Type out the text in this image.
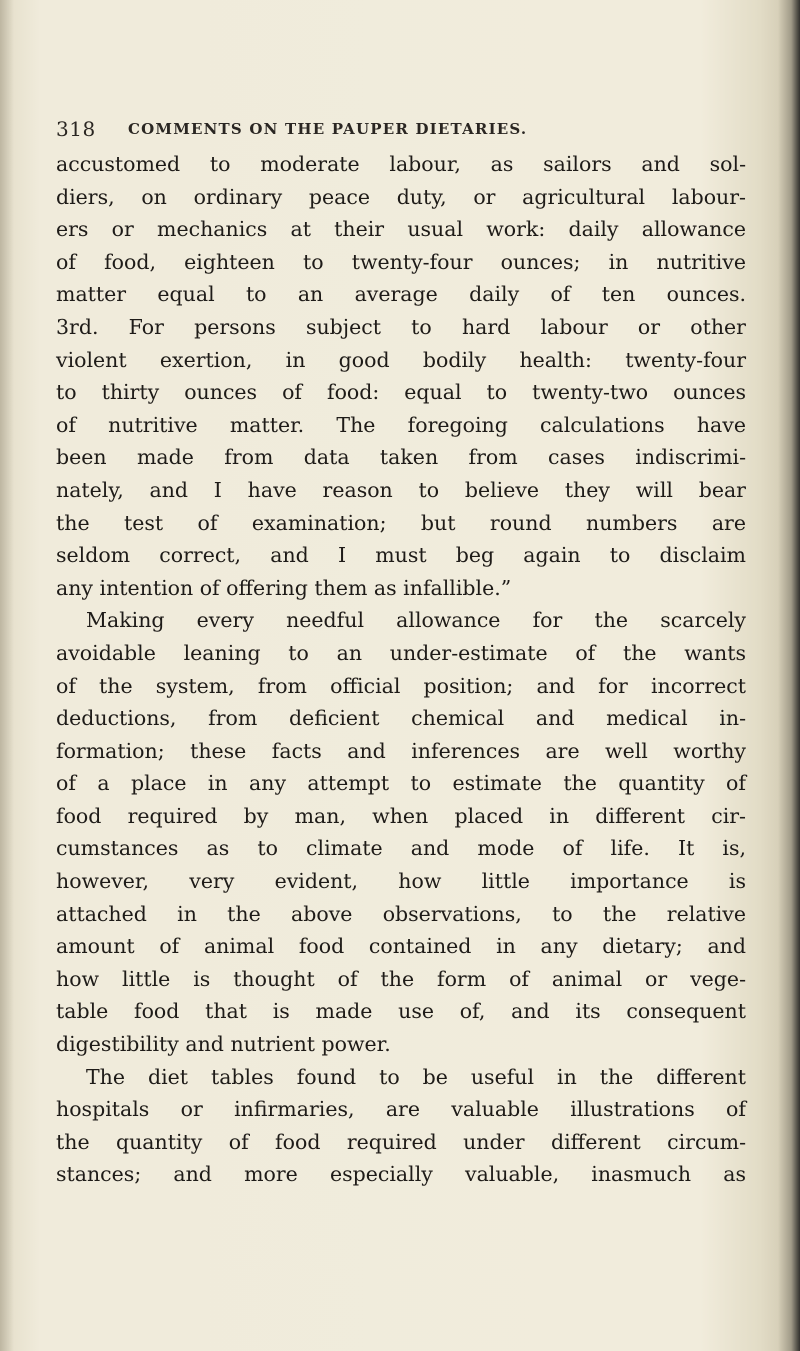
318 COMMENTS ON THE PAUPER DIETARIES.
accustomed to moderate labour, as sailors and sol-
diers, on ordinary peace duty, or agricultural labour-
ers or mechanics at their usual work: daily allowance
of food, eighteen to twenty-four ounces; in nutritive
matter equal to an average daily of ten ounces.
3rd. For persons subject to hard labour or other
violent exertion, in good bodily health: twenty-four
to thirty ounces of food: equal to twenty-two ounces
of nutritive matter. The foregoing calculations have
been made from data taken from cases indiscrimi-
nately, and I have reason to believe they will bear
the test of examination; but round numbers are
seldom correct, and I must beg again to disclaim
any intention of offering them as infallible.”
Making every needful allowance for the scarcely
avoidable leaning to an under-estimate of the wants
of the system, from official position; and for incorrect
deductions, from deficient chemical and medical in-
formation; these facts and inferences are well worthy
of a place in any attempt to estimate the quantity of
food required by man, when placed in different cir-
cumstances as to climate and mode of life. It is,
however, very evident, how little importance is
attached in the above observations, to the relative
amount of animal food contained in any dietary; and
how little is thought of the form of animal or vege-
table food that is made use of, and its consequent
digestibility and nutrient power.
The diet tables found to be useful in the different
hospitals or infirmaries, are valuable illustrations of
the quantity of food required under different circum-
stances; and more especially valuable, inasmuch as
